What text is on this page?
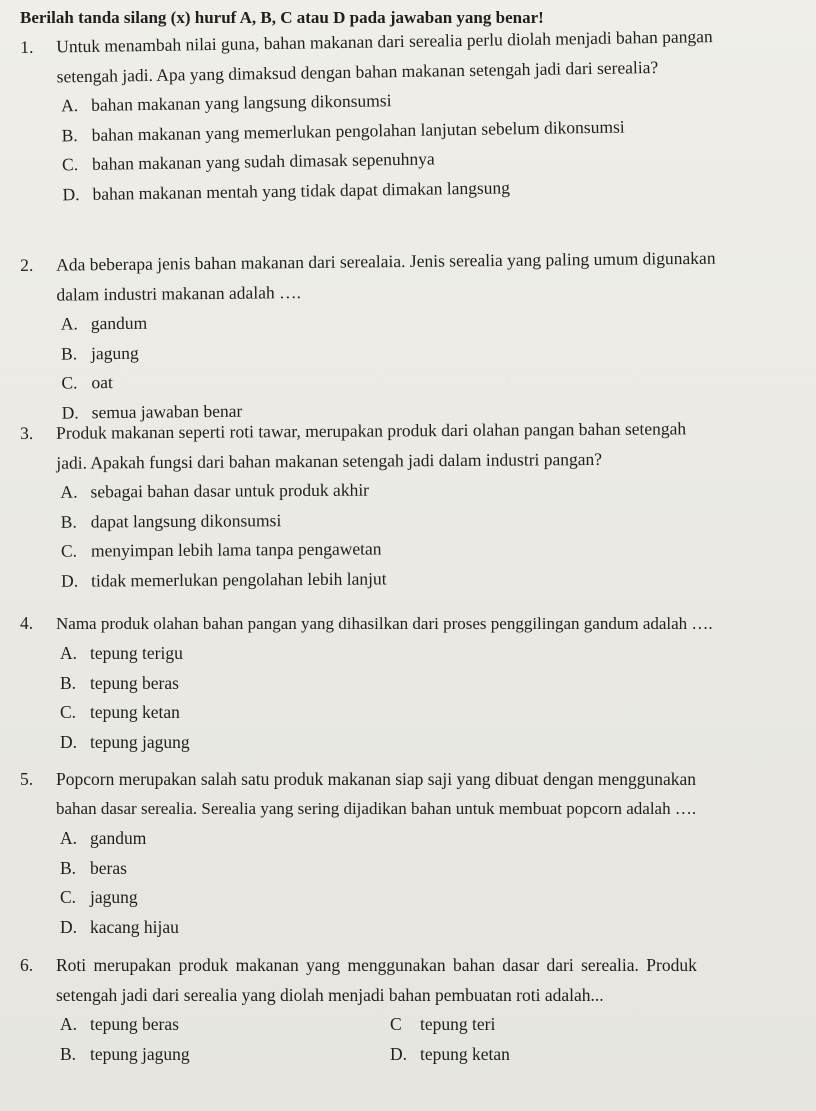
Berilah tanda silang (x) huruf A, B, C atau D pada jawaban yang benar!
1. Untuk menambah nilai guna, bahan makanan dari serealia perlu diolah menjadi bahan pangan
setengah jadi. Apa yang dimaksud dengan bahan makanan setengah jadi dari serealia?
A. bahan makanan yang langsung dikonsumsi
B. bahan makanan yang memerlukan pengolahan lanjutan sebelum dikonsumsi
C. bahan makanan yang sudah dimasak sepenuhnya
D. bahan makanan mentah yang tidak dapat dimakan langsung
2. Ada beberapa jenis bahan makanan dari serealaia. Jenis serealia yang paling umum digunakan
dalam industri makanan adalah ….
A. gandum
B. jagung
C. oat
D. semua jawaban benar
3. Produk makanan seperti roti tawar, merupakan produk dari olahan pangan bahan setengah
jadi. Apakah fungsi dari bahan makanan setengah jadi dalam industri pangan?
A. sebagai bahan dasar untuk produk akhir
B. dapat langsung dikonsumsi
C. menyimpan lebih lama tanpa pengawetan
D. tidak memerlukan pengolahan lebih lanjut
4. Nama produk olahan bahan pangan yang dihasilkan dari proses penggilingan gandum adalah ….
A. tepung terigu
B. tepung beras
C. tepung ketan
D. tepung jagung
5. Popcorn merupakan salah satu produk makanan siap saji yang dibuat dengan menggunakan
bahan dasar serealia. Serealia yang sering dijadikan bahan untuk membuat popcorn adalah ….
A. gandum
B. beras
C. jagung
D. kacang hijau
6. Roti merupakan produk makanan yang menggunakan bahan dasar dari serealia. Produk
setengah jadi dari serealia yang diolah menjadi bahan pembuatan roti adalah...
A. tepung beras	C tepung teri
B. tepung jagung	D. tepung ketan
